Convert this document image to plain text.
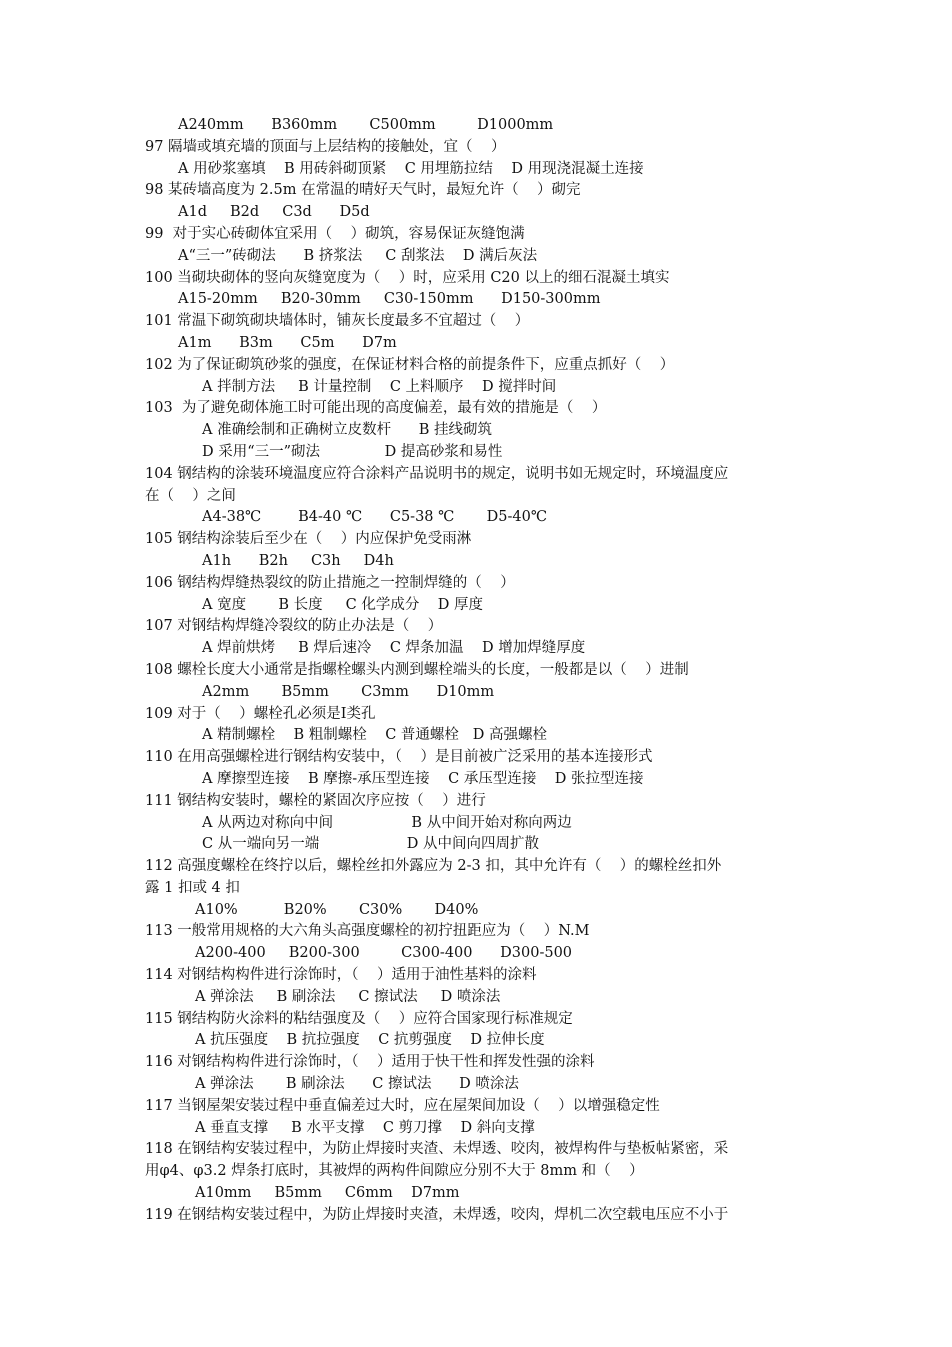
A240mm      B360mm       C500mm         D1000mm
97 隔墙或填充墙的顶面与上层结构的接触处，宜（    ）
A 用砂浆塞填    B 用砖斜砌顶紧    C 用埋筋拉结    D 用现浇混凝土连接
98 某砖墙高度为 2.5m 在常温的晴好天气时，最短允许（    ）砌完
A1d     B2d     C3d      D5d
99  对于实心砖砌体宜采用（    ）砌筑，容易保证灰缝饱满
A“三一”砖砌法      B 挤浆法     C 刮浆法    D 满后灰法
100 当砌块砌体的竖向灰缝宽度为（    ）时，应采用 C20 以上的细石混凝土填实
A15-20mm     B20-30mm     C30-150mm      D150-300mm
101 常温下砌筑砌块墙体时，铺灰长度最多不宜超过（    ）
A1m      B3m      C5m      D7m
102 为了保证砌筑砂浆的强度，在保证材料合格的前提条件下，应重点抓好（    ）
A 拌制方法     B 计量控制    C 上料顺序    D 搅拌时间
103  为了避免砌体施工时可能出现的高度偏差，最有效的措施是（    ）
A 准确绘制和正确树立皮数杆      B 挂线砌筑
D 采用“三一”砌法              D 提高砂浆和易性
104 钢结构的涂装环境温度应符合涂料产品说明书的规定，说明书如无规定时，环境温度应
在（    ）之间
A4-38℃        B4-40 ℃      C5-38 ℃       D5-40℃
105 钢结构涂装后至少在（    ）内应保护免受雨淋
A1h      B2h     C3h     D4h
106 钢结构焊缝热裂纹的防止措施之一控制焊缝的（    ）
A 宽度       B 长度     C 化学成分    D 厚度
107 对钢结构焊缝冷裂纹的防止办法是（    ）
A 焊前烘烤     B 焊后速冷    C 焊条加温    D 增加焊缝厚度
108 螺栓长度大小通常是指螺栓螺头内测到螺栓端头的长度，一般都是以（    ）进制
A2mm       B5mm       C3mm      D10mm
109 对于（    ）螺栓孔必须是Ⅰ类孔
A 精制螺栓    B 粗制螺栓    C 普通螺栓   D 高强螺栓
110 在用高强螺栓进行钢结构安装中，（    ）是目前被广泛采用的基本连接形式
A 摩擦型连接    B 摩擦-承压型连接    C 承压型连接    D 张拉型连接
111 钢结构安装时，螺栓的紧固次序应按（    ）进行
A 从两边对称向中间                 B 从中间开始对称向两边
C 从一端向另一端                   D 从中间向四周扩散
112 高强度螺栓在终拧以后，螺栓丝扣外露应为 2-3 扣，其中允许有（    ）的螺栓丝扣外
露 1 扣或 4 扣
A10%          B20%       C30%       D40%
113 一般常用规格的大六角头高强度螺栓的初拧扭距应为（    ）N.M
A200-400     B200-300         C300-400      D300-500
114 对钢结构构件进行涂饰时，（    ）适用于油性基料的涂料
A 弹涂法     B 刷涂法     C 擦试法     D 喷涂法
115 钢结构防火涂料的粘结强度及（    ）应符合国家现行标准规定
A 抗压强度    B 抗拉强度    C 抗剪强度    D 拉伸长度
116 对钢结构构件进行涂饰时，（    ）适用于快干性和挥发性强的涂料
A 弹涂法       B 刷涂法      C 擦试法      D 喷涂法
117 当钢屋架安装过程中垂直偏差过大时，应在屋架间加设（    ）以增强稳定性
A 垂直支撑     B 水平支撑    C 剪刀撑    D 斜向支撑
118 在钢结构安装过程中，为防止焊接时夹渣、未焊透、咬肉，被焊构件与垫板帖紧密，采
用φ4、φ3.2 焊条打底时，其被焊的两构件间隙应分别不大于 8mm 和（    ）
A10mm     B5mm     C6mm    D7mm
119 在钢结构安装过程中，为防止焊接时夹渣，未焊透，咬肉，焊机二次空载电压应不小于
